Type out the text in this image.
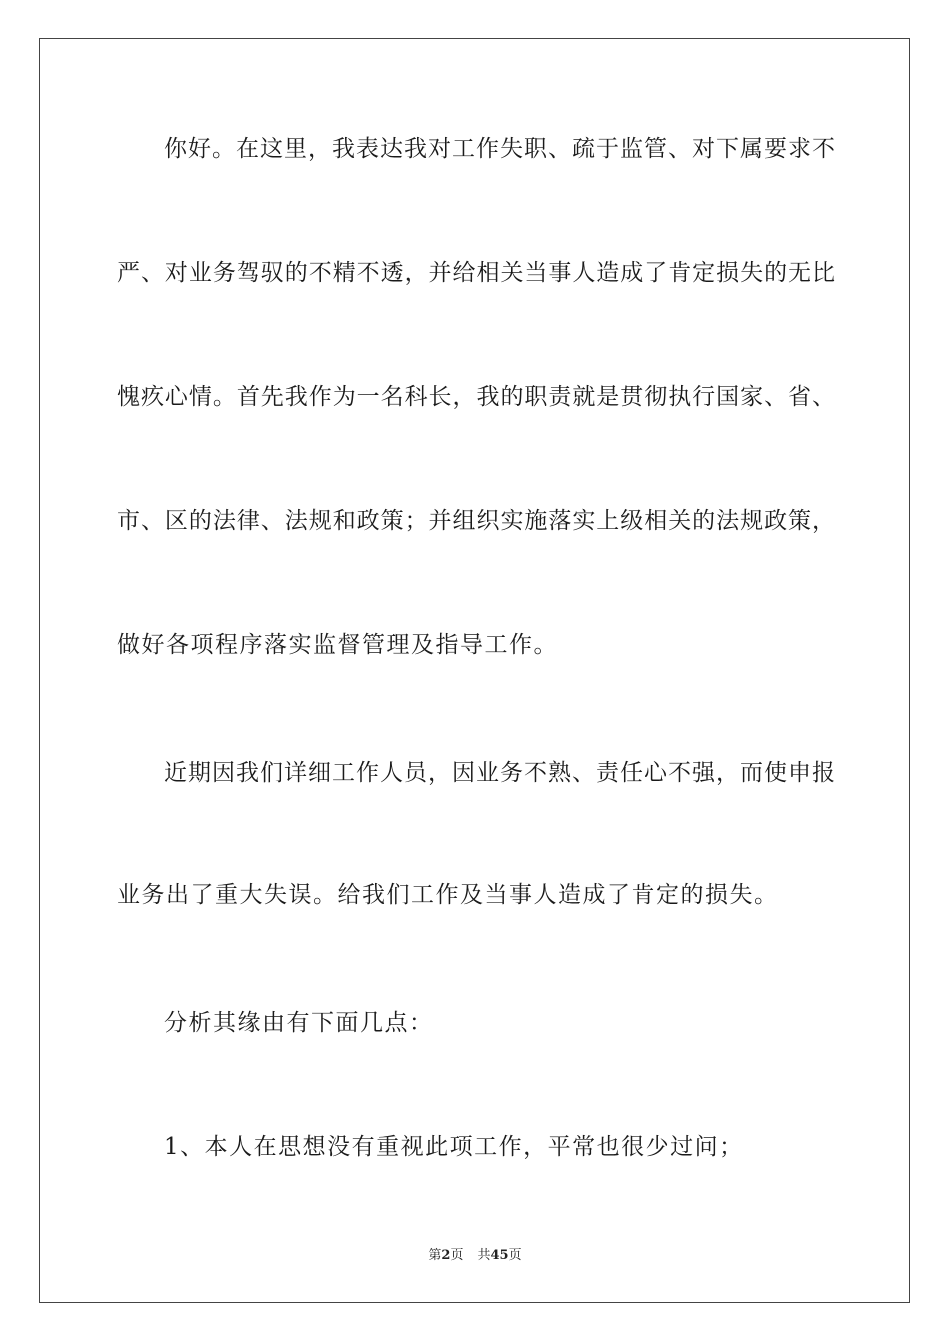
你好。在这里，我表达我对工作失职、疏于监管、对下属要求不
严、对业务驾驭的不精不透，并给相关当事人造成了肯定损失的无比
愧疚心情。首先我作为一名科长，我的职责就是贯彻执行国家、省、
市、区的法律、法规和政策；并组织实施落实上级相关的法规政策，
做好各项程序落实监督管理及指导工作。
近期因我们详细工作人员，因业务不熟、责任心不强，而使申报
业务出了重大失误。给我们工作及当事人造成了肯定的损失。
分析其缘由有下面几点：
1、本人在思想没有重视此项工作，平常也很少过问；
第2页 共45页
